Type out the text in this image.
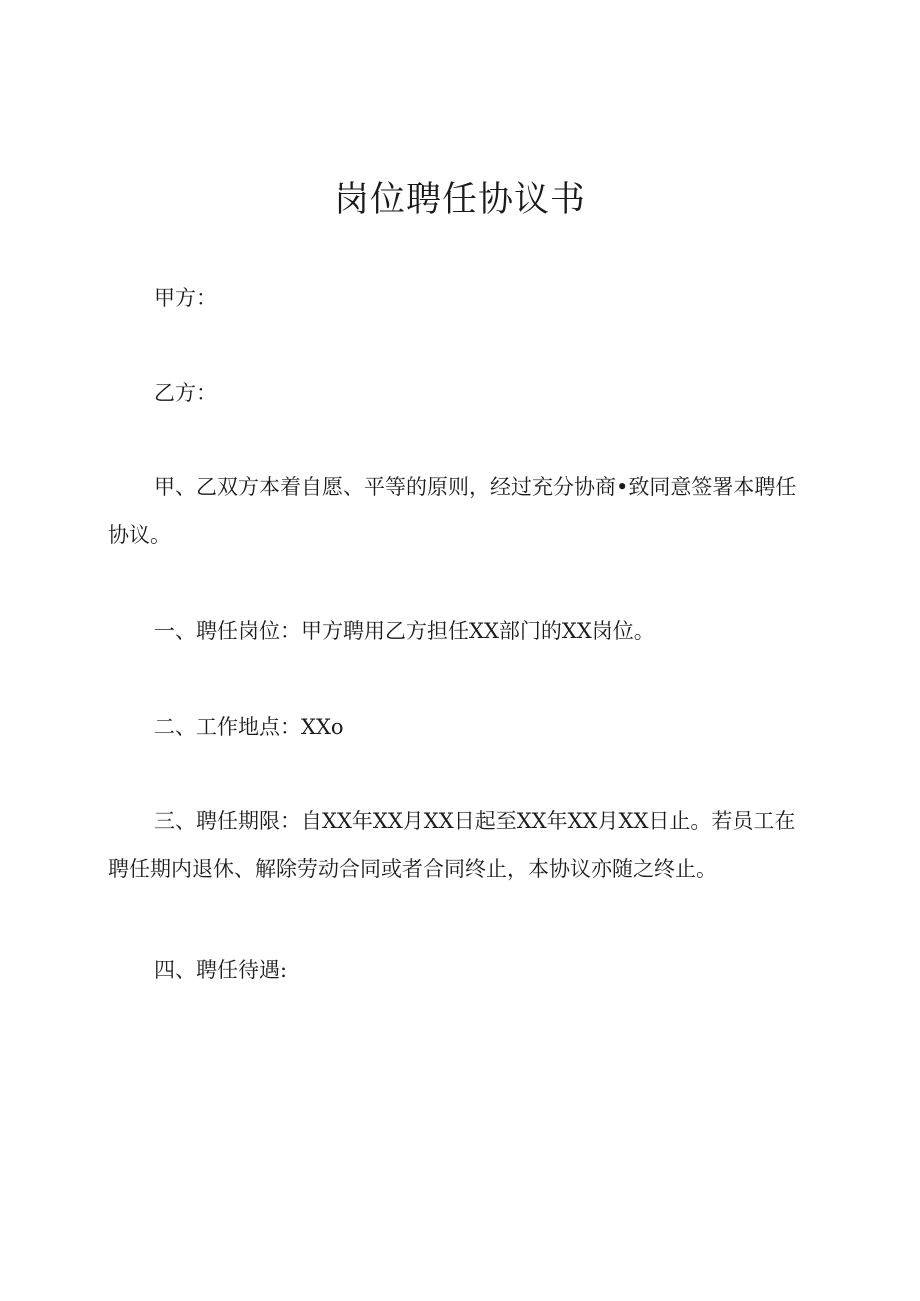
岗位聘任协议书

甲方：

乙方：

甲、乙双方本着自愿、平等的原则，经过充分协商•致同意签署本聘任协议。

一、聘任岗位：甲方聘用乙方担任XX部门的XX岗位。

二、工作地点：XXo

三、聘任期限：自XX年XX月XX日起至XX年XX月XX日止。若员工在聘任期内退休、解除劳动合同或者合同终止，本协议亦随之终止。

四、聘任待遇:
